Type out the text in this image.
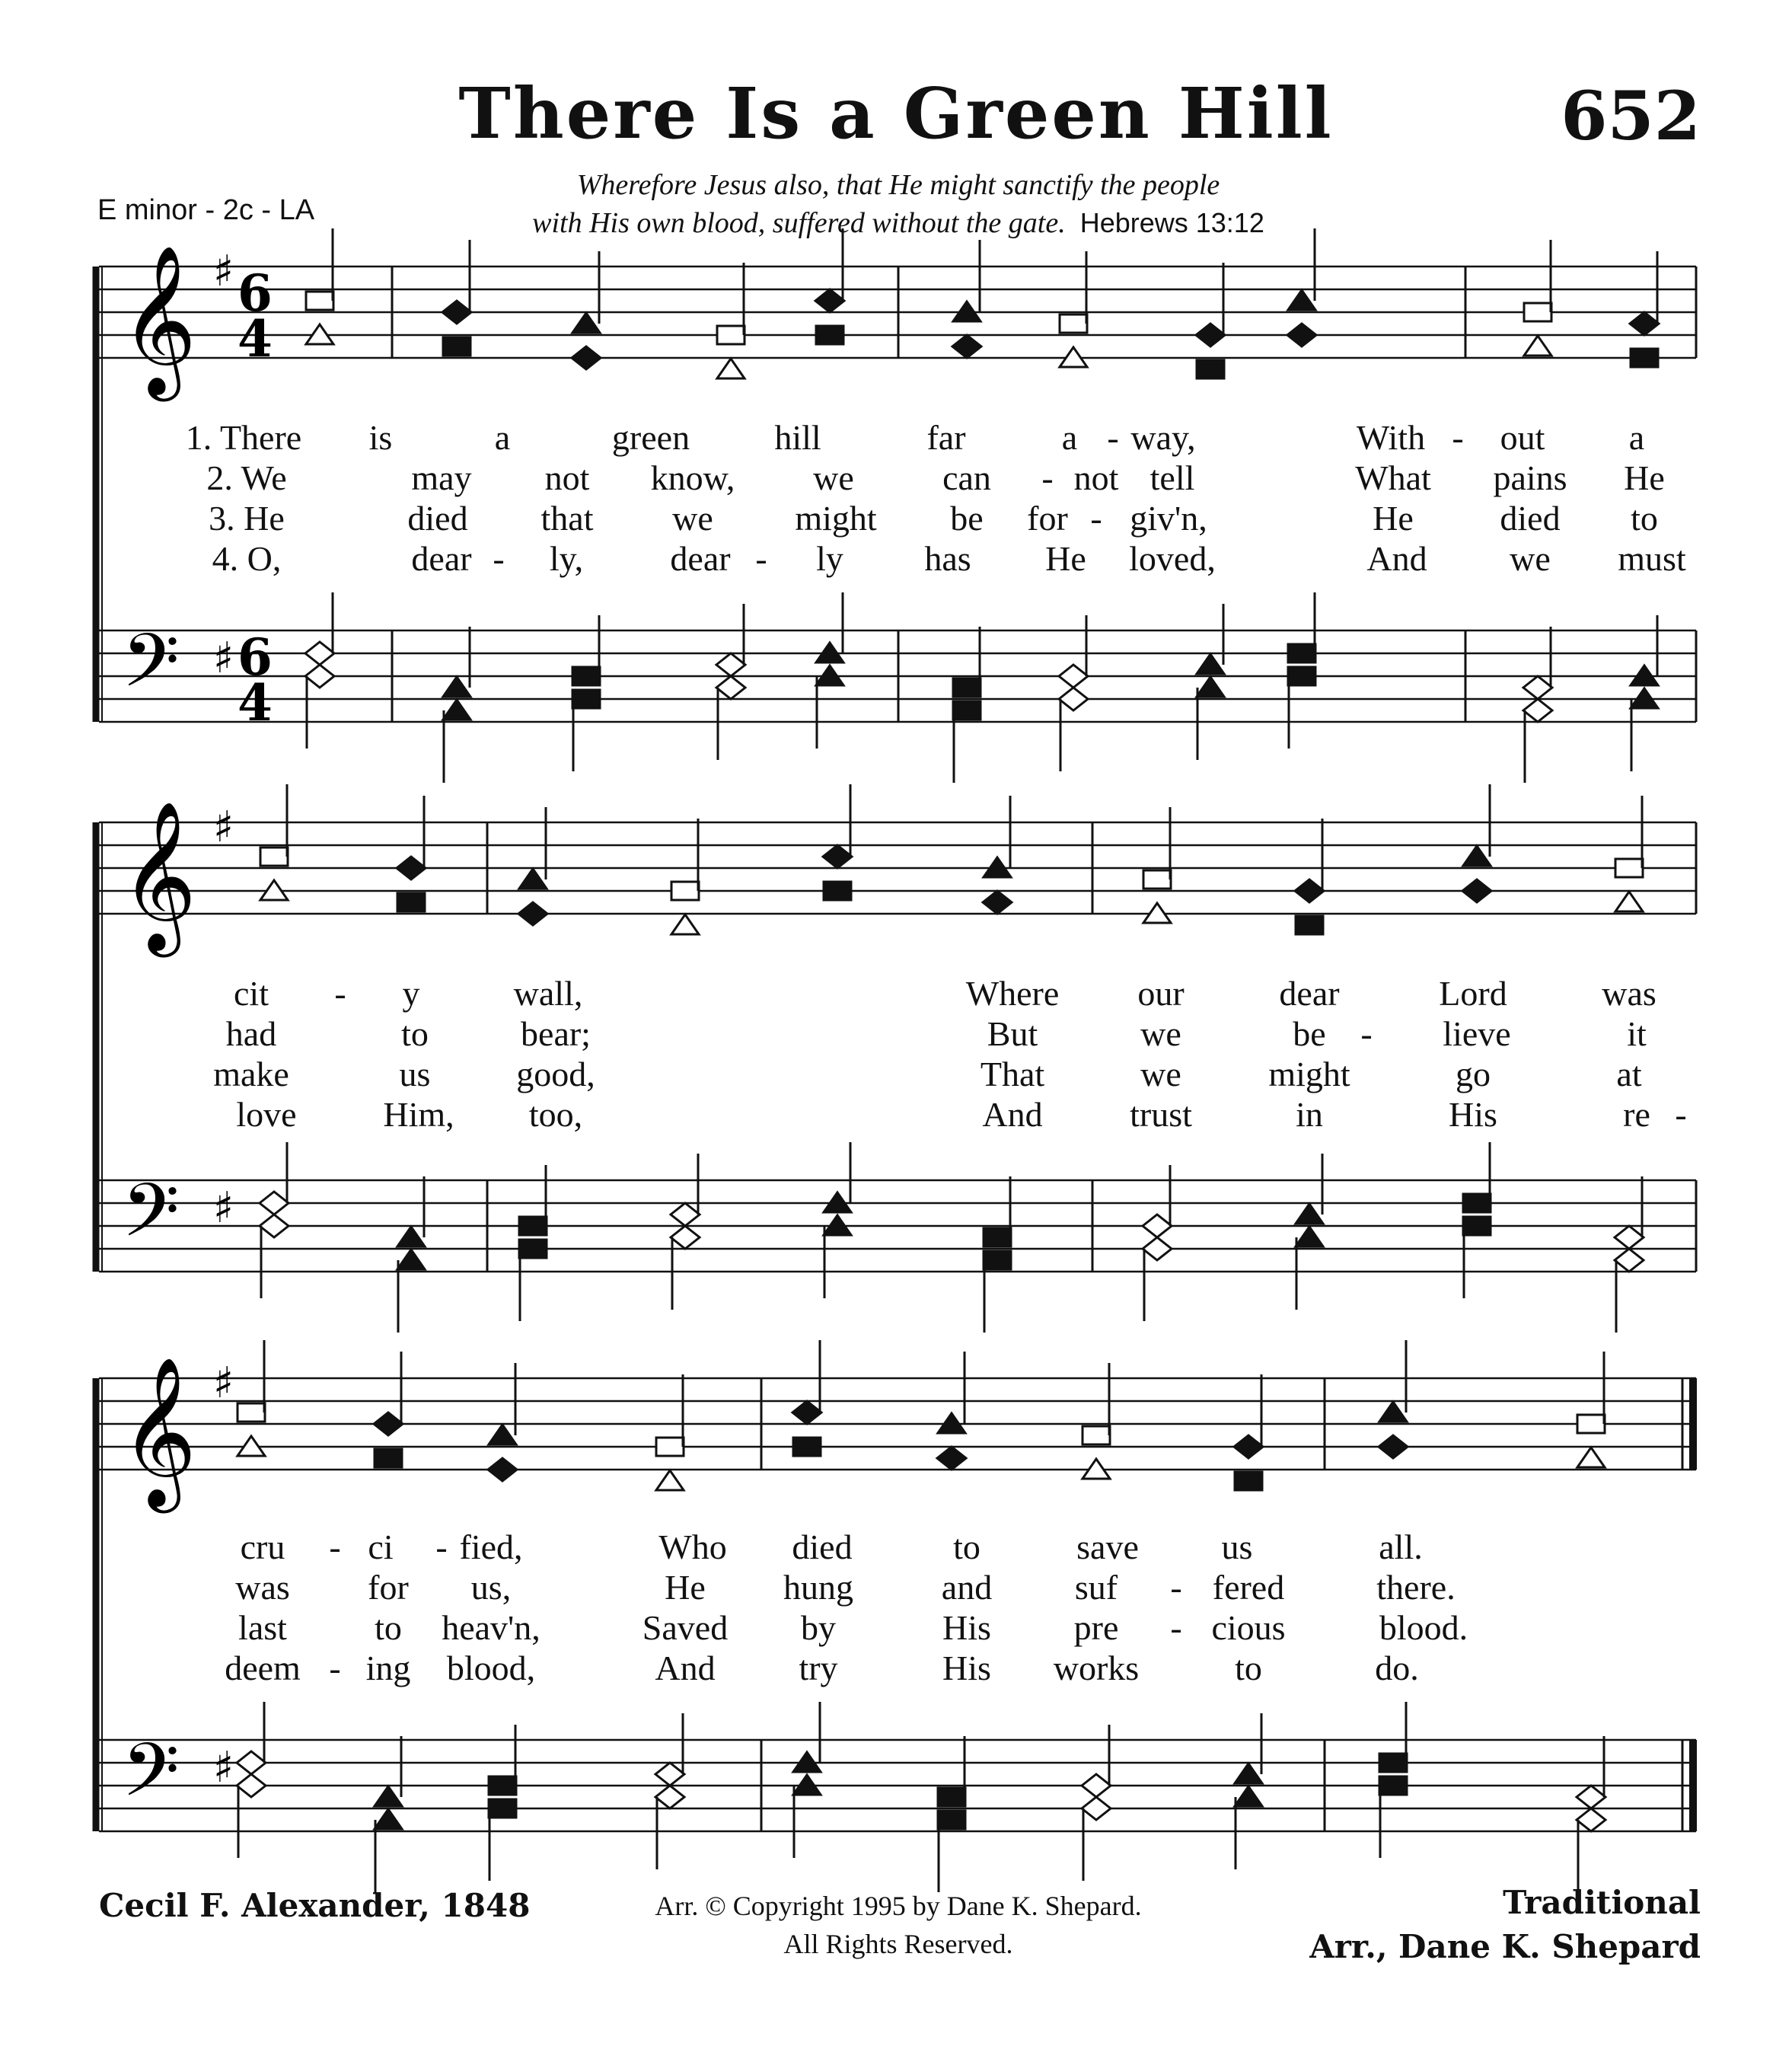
There Is a Green Hill	652
Wherefore Jesus also, that He might sanctify the people
with His own blood, suffered without the gate. Hebrews 13:12
E minor - 2c - LA
𝄞
𝄢
♯
♯
6
4
6
4
𝄞
𝄢
♯
♯
𝄞
𝄢
♯
♯
1. There is	a	green hill	far	a - way,	With - out a
cit - y	wall,	Where our	dear	Lord	was
cru - ci - fied,	Who died	to	save us	all.
2. We	may not know, we	can - not tell	What pains He
had	to	bear;	But	we	be - lieve	it
was for us,	He hung	and suf - fered	there.
3. He	died that we might be for - giv'n,	He died to
make	us good,	That	we might	go	at
last	to heav'n,	Saved by	His pre - cious	blood.
4. O,	dear - ly, dear - ly has He loved,	And we must
love Him, too,	And trust	in	His	re -
deem - ing blood,	And try	His works	to	do.
Cecil F. Alexander, 1848	Arr. © Copyright 1995 by Dane K. Shepard.
All Rights Reserved.
Traditional
Arr., Dane K. Shepard
